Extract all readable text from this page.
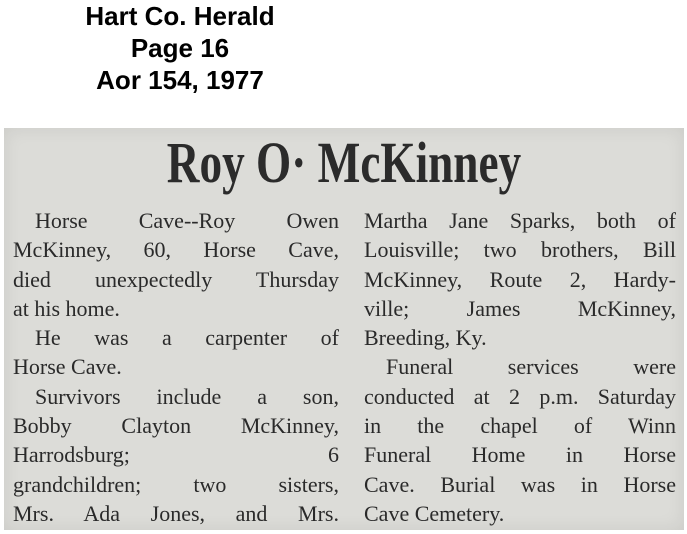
Hart Co. Herald
Page 16
Aor 154, 1977
Roy O· McKinney
Horse Cave--Roy Owen
McKinney, 60, Horse Cave,
died unexpectedly Thursday
at his home.
He was a carpenter of
Horse Cave.
Survivors include a son,
Bobby Clayton McKinney,
Harrodsburg; 6
grandchildren; two sisters,
Mrs. Ada Jones, and Mrs.
Martha Jane Sparks, both of
Louisville; two brothers, Bill
McKinney, Route 2, Hardy-
ville; James McKinney,
Breeding, Ky.
Funeral services were
conducted at 2 p.m. Saturday
in the chapel of Winn
Funeral Home in Horse
Cave. Burial was in Horse
Cave Cemetery.
